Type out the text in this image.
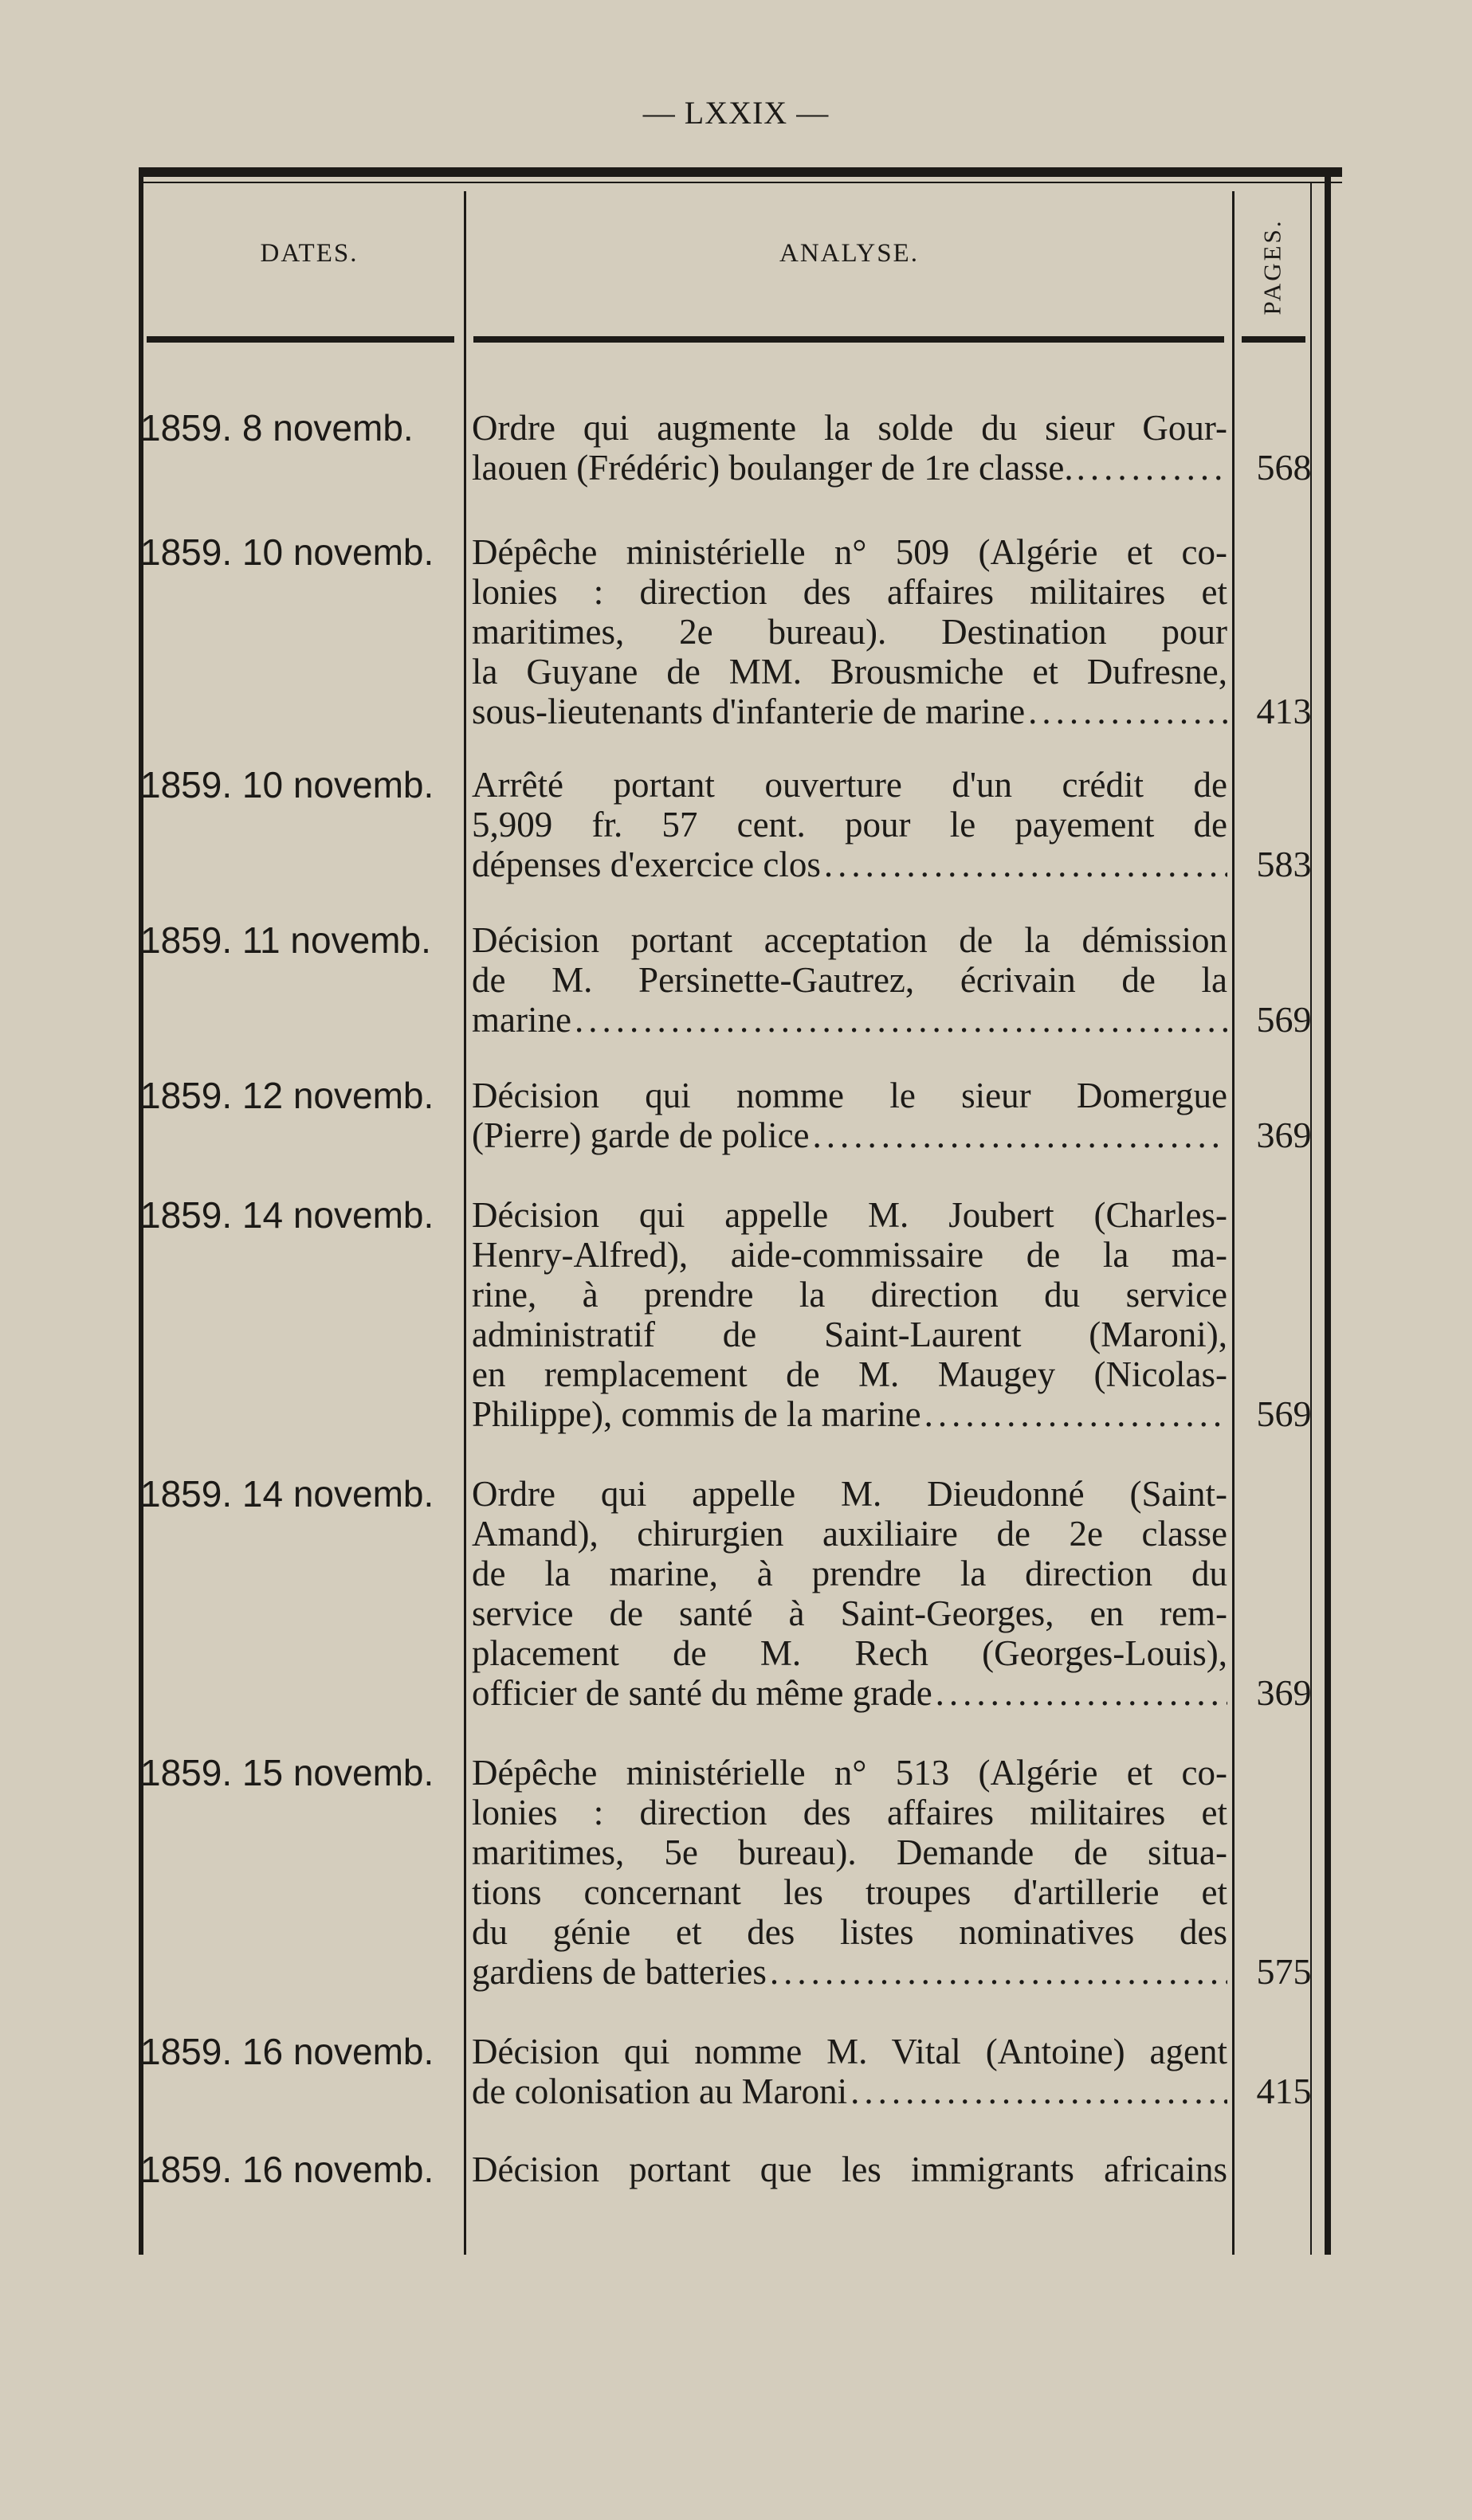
— LXXIX —
DATES.	ANALYSE.	PAGES.
1859. 8 novemb.	Ordre qui augmente la solde du sieur Gour-
laouen (Frédéric) boulanger de 1re classe. .....	568
1859. 10 novemb.	Dépêche ministérielle n° 509 (Algérie et co-
lonies : direction des affaires militaires et
maritimes, 2e bureau). Destination pour
la Guyane de MM. Brousmiche et Dufresne,
sous-lieutenants d'infanterie de marine .....	413
1859. 10 novemb.	Arrêté portant ouverture d'un crédit de
5,909 fr. 57 cent. pour le payement de
dépenses d'exercice clos .....	583
1859. 11 novemb.	Décision portant acceptation de la démission
de M. Persinette-Gautrez, écrivain de la
marine .....	569
1859. 12 novemb.	Décision qui nomme le sieur Domergue
(Pierre) garde de police .....	369
1859. 14 novemb.	Décision qui appelle M. Joubert (Charles-
Henry-Alfred), aide-commissaire de la ma-
rine, à prendre la direction du service
administratif de Saint-Laurent (Maroni),
en remplacement de M. Maugey (Nicolas-
Philippe), commis de la marine .....	569
1859. 14 novemb.	Ordre qui appelle M. Dieudonné (Saint-
Amand), chirurgien auxiliaire de 2e classe
de la marine, à prendre la direction du
service de santé à Saint-Georges, en rem-
placement de M. Rech (Georges-Louis),
officier de santé du même grade .....	369
1859. 15 novemb.	Dépêche ministérielle n° 513 (Algérie et co-
lonies : direction des affaires militaires et
maritimes, 5e bureau). Demande de situa-
tions concernant les troupes d'artillerie et
du génie et des listes nominatives des
gardiens de batteries .....	575
1859. 16 novemb.	Décision qui nomme M. Vital (Antoine) agent
de colonisation au Maroni .....	415
1859. 16 novemb.	Décision portant que les immigrants africains
